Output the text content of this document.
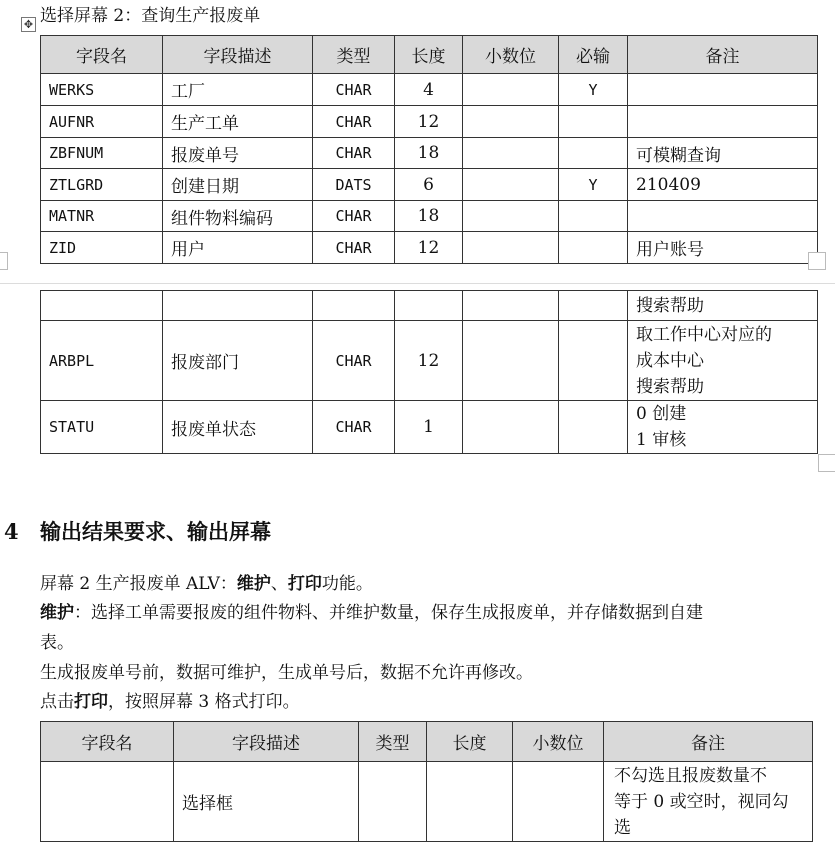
✥ 选择屏幕 2：查询生产报废单
字段名	字段描述	类型	长度	小数位	必输	备注
WERKS	工厂	CHAR	4		Y	
AUFNR	生产工单	CHAR	12			
ZBFNUM	报废单号	CHAR	18			可模糊查询
ZTLGRD	创建日期	DATS	6		Y	210409
MATNR	组件物料编码	CHAR	18			
ZID	用户	CHAR	12			用户账号

						搜索帮助

ARBPL	报废部门	CHAR	12			取工作中心对应的
成本中心
搜索帮助

STATU	报废单状态	CHAR	1			0 创建
1 审核
4 输出结果要求、输出屏幕
屏幕 2 生产报废单 ALV：维护、打印功能。
维护：选择工单需要报废的组件物料、并维护数量，保存生成报废单，并存储数据到自建
表。
生成报废单号前，数据可维护，生成单号后，数据不允许再修改。
点击打印，按照屏幕 3 格式打印。
字段名	字段描述	类型	长度	小数位	备注
	选择框				不勾选且报废数量不
等于 0 或空时，视同勾
选
